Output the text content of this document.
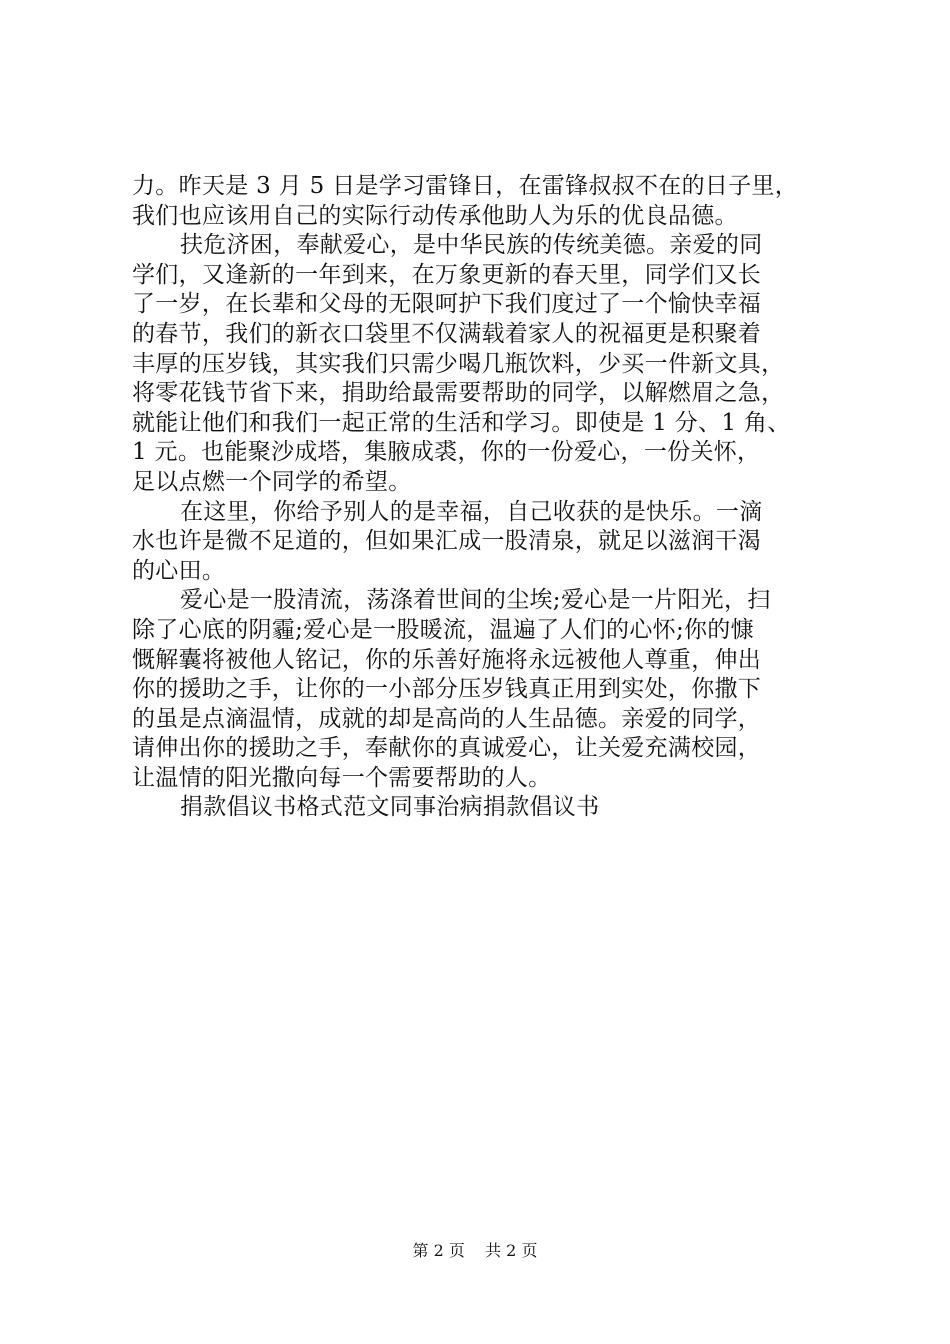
力。昨天是 3 月 5 日是学习雷锋日，在雷锋叔叔不在的日子里，
我们也应该用自己的实际行动传承他助人为乐的优良品德。
扶危济困，奉献爱心，是中华民族的传统美德。亲爱的同
学们，又逢新的一年到来，在万象更新的春天里，同学们又长
了一岁，在长辈和父母的无限呵护下我们度过了一个愉快幸福
的春节，我们的新衣口袋里不仅满载着家人的祝福更是积聚着
丰厚的压岁钱，其实我们只需少喝几瓶饮料，少买一件新文具，
将零花钱节省下来，捐助给最需要帮助的同学，以解燃眉之急，
就能让他们和我们一起正常的生活和学习。即使是 1 分、1 角、
1 元。也能聚沙成塔，集腋成裘，你的一份爱心，一份关怀，
足以点燃一个同学的希望。
在这里，你给予别人的是幸福，自己收获的是快乐。一滴
水也许是微不足道的，但如果汇成一股清泉，就足以滋润干渴
的心田。
爱心是一股清流，荡涤着世间的尘埃;爱心是一片阳光，扫
除了心底的阴霾;爱心是一股暖流，温遍了人们的心怀;你的慷
慨解囊将被他人铭记，你的乐善好施将永远被他人尊重，伸出
你的援助之手，让你的一小部分压岁钱真正用到实处，你撒下
的虽是点滴温情，成就的却是高尚的人生品德。亲爱的同学，
请伸出你的援助之手，奉献你的真诚爱心，让关爱充满校园，
让温情的阳光撒向每一个需要帮助的人。
捐款倡议书格式范文同事治病捐款倡议书
第 2 页 共 2 页
